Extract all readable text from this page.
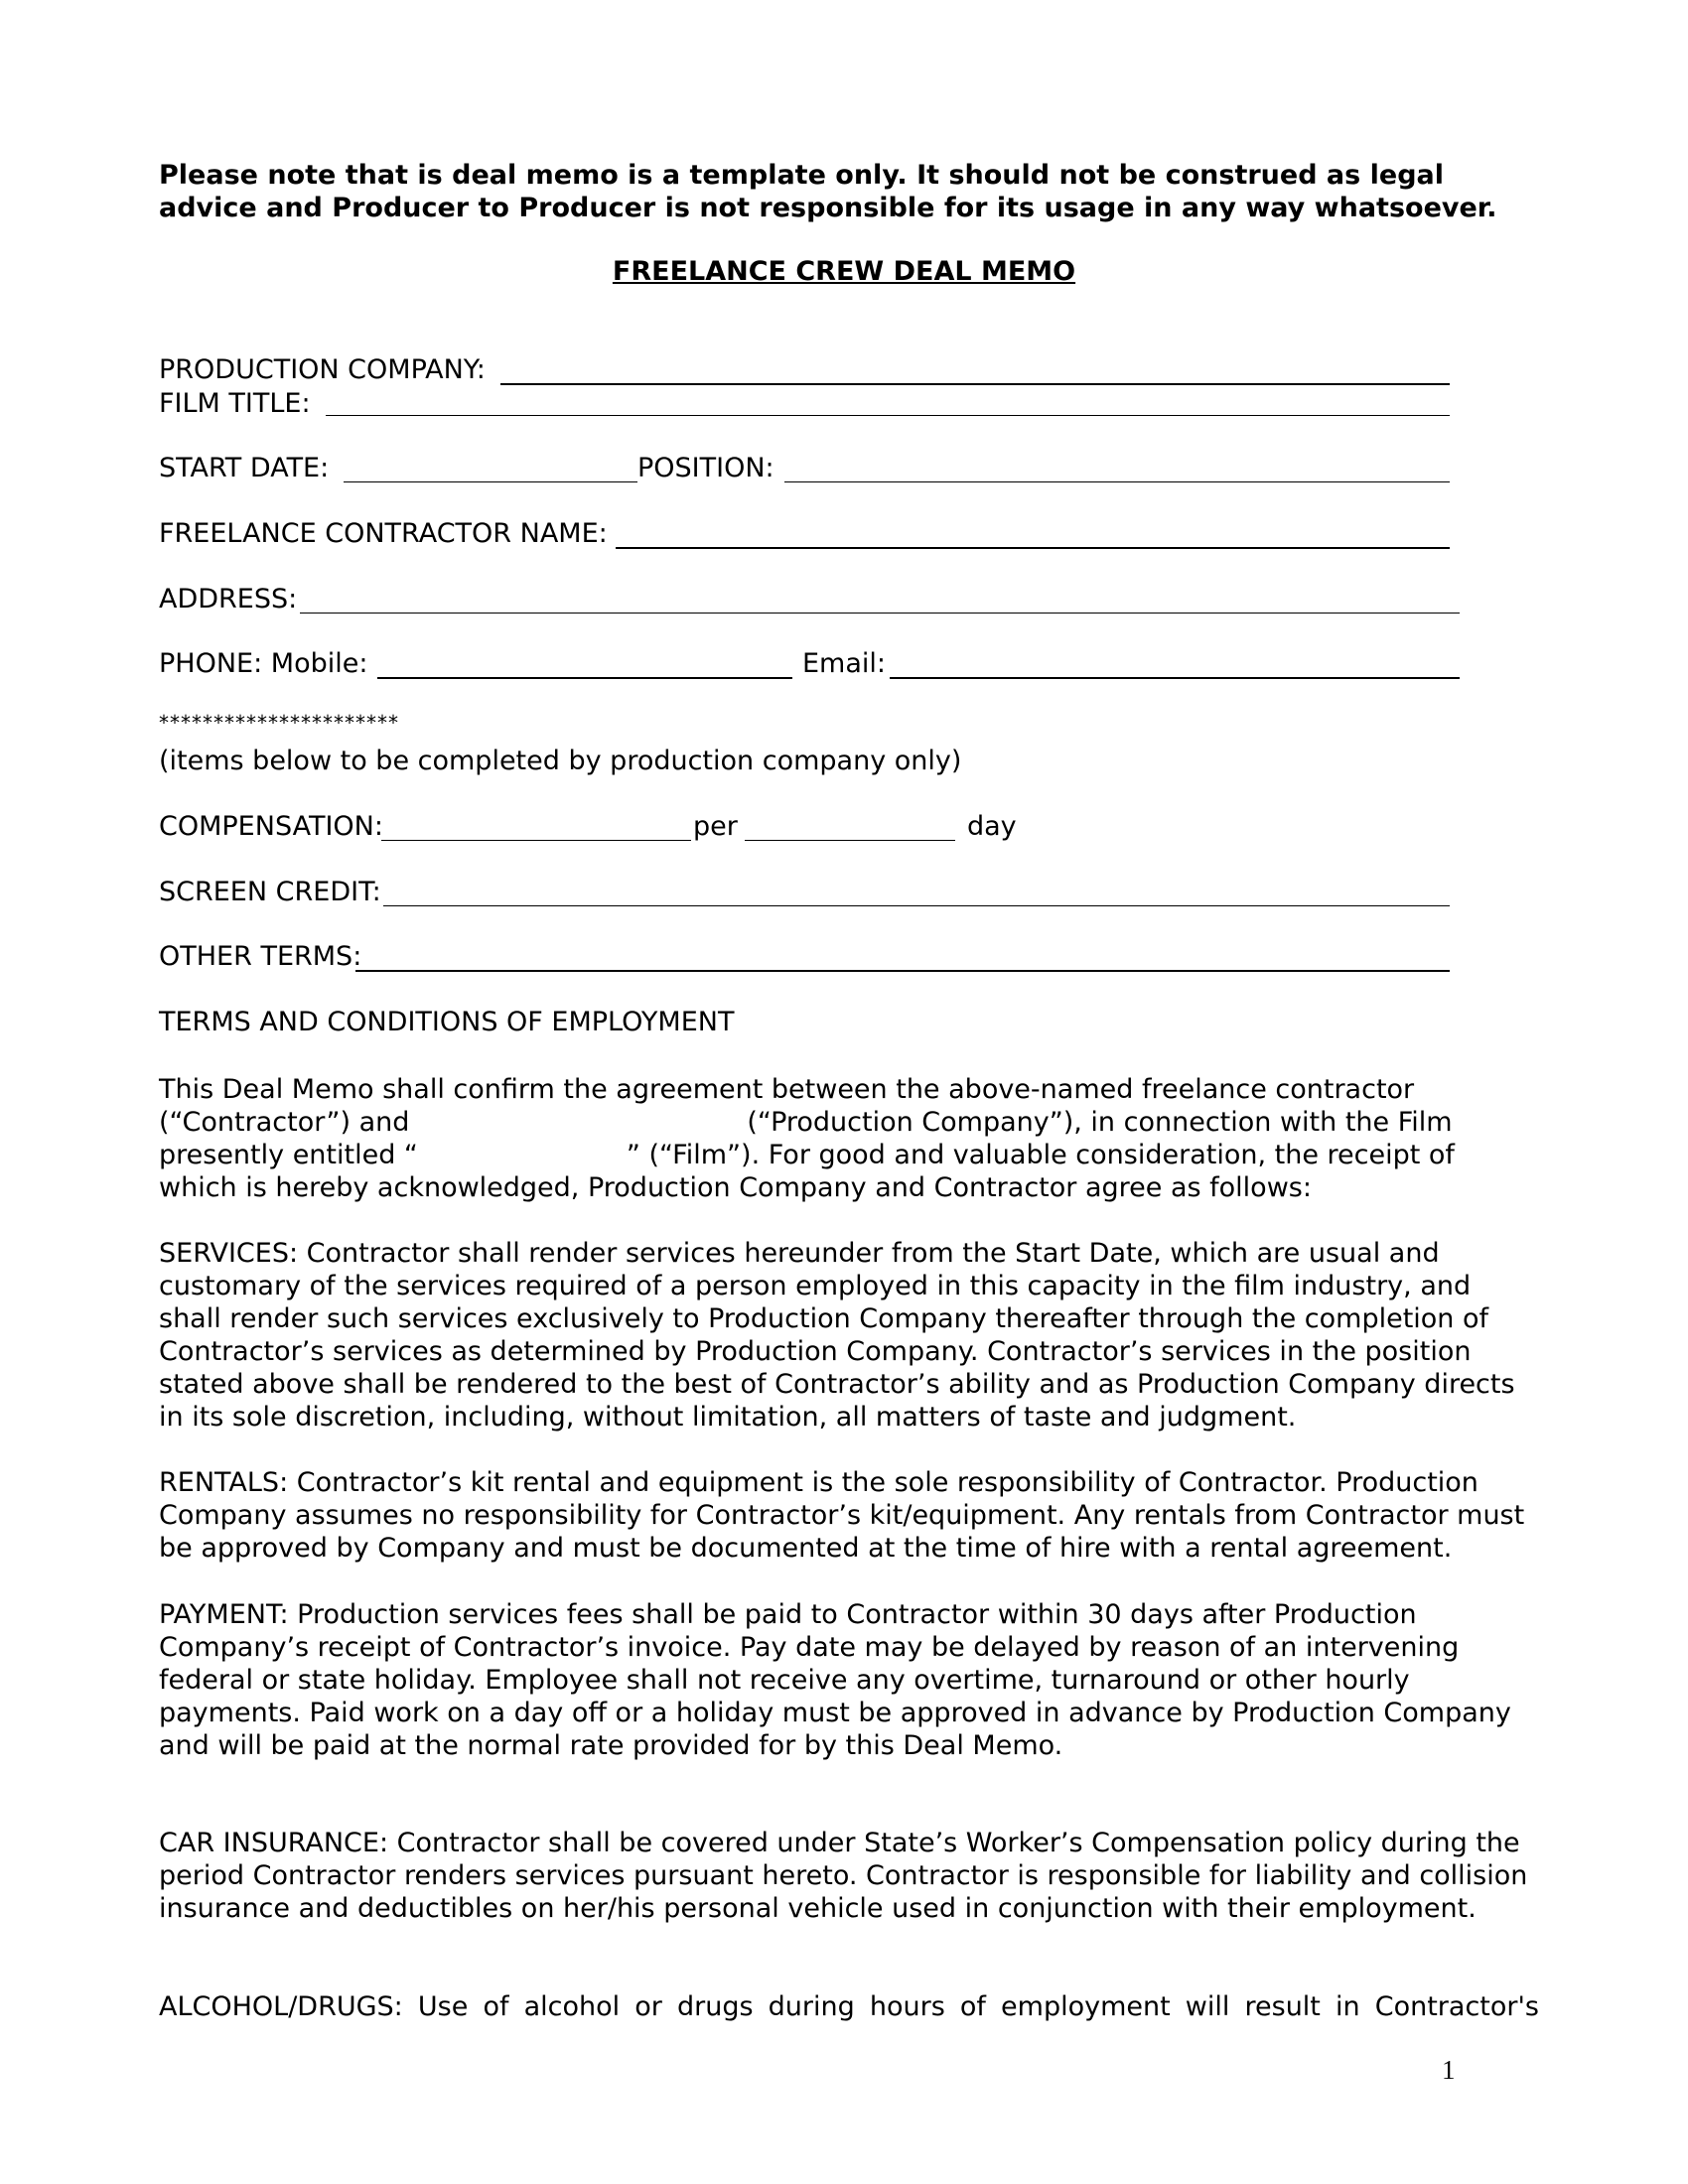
Please note that is deal memo is a template only. It should not be construed as legal advice and Producer to Producer is not responsible for its usage in any way whatsoever.

FREELANCE CREW DEAL MEMO

PRODUCTION COMPANY:
FILM TITLE:
START DATE:	POSITION:
FREELANCE CONTRACTOR NAME:
ADDRESS:
PHONE: Mobile:	Email:
**********************
(items below to be completed by production company only)
COMPENSATION:	per	day
SCREEN CREDIT:
OTHER TERMS:
TERMS AND CONDITIONS OF EMPLOYMENT

This Deal Memo shall confirm the agreement between the above-named freelance contractor (“Contractor”) and	(“Production Company”), in connection with the Film presently entitled “	” (“Film”). For good and valuable consideration, the receipt of which is hereby acknowledged, Production Company and Contractor agree as follows:

SERVICES: Contractor shall render services hereunder from the Start Date, which are usual and customary of the services required of a person employed in this capacity in the film industry, and shall render such services exclusively to Production Company thereafter through the completion of Contractor’s services as determined by Production Company. Contractor’s services in the position stated above shall be rendered to the best of Contractor’s ability and as Production Company directs in its sole discretion, including, without limitation, all matters of taste and judgment.

RENTALS: Contractor’s kit rental and equipment is the sole responsibility of Contractor. Production Company assumes no responsibility for Contractor’s kit/equipment. Any rentals from Contractor must be approved by Company and must be documented at the time of hire with a rental agreement.

PAYMENT: Production services fees shall be paid to Contractor within 30 days after Production Company’s receipt of Contractor’s invoice. Pay date may be delayed by reason of an intervening federal or state holiday. Employee shall not receive any overtime, turnaround or other hourly payments. Paid work on a day off or a holiday must be approved in advance by Production Company and will be paid at the normal rate provided for by this Deal Memo.

CAR INSURANCE: Contractor shall be covered under State’s Worker’s Compensation policy during the period Contractor renders services pursuant hereto. Contractor is responsible for liability and collision insurance and deductibles on her/his personal vehicle used in conjunction with their employment.

ALCOHOL/DRUGS: Use of alcohol or drugs during hours of employment will result in Contractor's

1
